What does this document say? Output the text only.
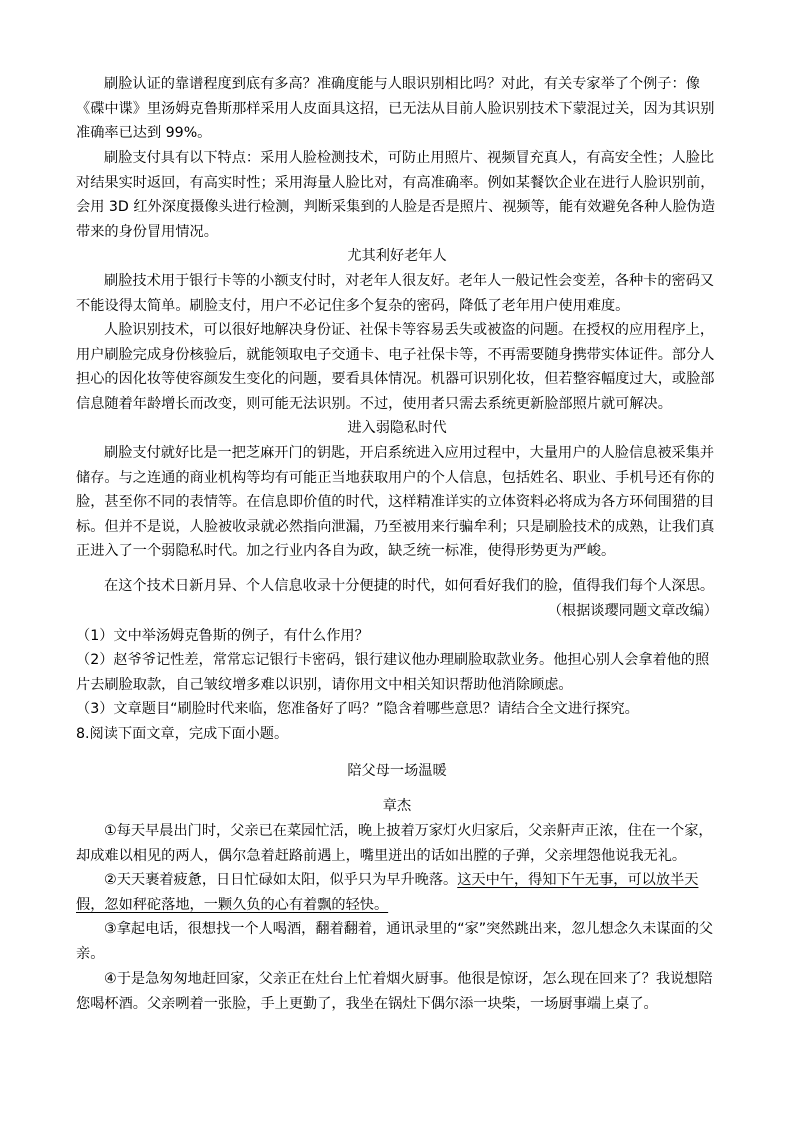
刷脸认证的靠谱程度到底有多高？准确度能与人眼识别相比吗？对此，有关专家举了个例子：像《碟中谍》里汤姆克鲁斯那样采用人皮面具这招，已无法从目前人脸识别技术下蒙混过关，因为其识别准确率已达到 99%。
刷脸支付具有以下特点：采用人脸检测技术，可防止用照片、视频冒充真人，有高安全性；人脸比对结果实时返回，有高实时性；采用海量人脸比对，有高准确率。例如某餐饮企业在进行人脸识别前，会用 3D 红外深度摄像头进行检测，判断采集到的人脸是否是照片、视频等，能有效避免各种人脸伪造带来的身份冒用情况。
尤其利好老年人
刷脸技术用于银行卡等的小额支付时，对老年人很友好。老年人一般记性会变差，各种卡的密码又不能设得太简单。刷脸支付，用户不必记住多个复杂的密码，降低了老年用户使用难度。
人脸识别技术，可以很好地解决身份证、社保卡等容易丢失或被盗的问题。在授权的应用程序上，用户刷脸完成身份核验后，就能领取电子交通卡、电子社保卡等，不再需要随身携带实体证件。部分人担心的因化妆等使容颜发生变化的问题，要看具体情况。机器可识别化妆，但若整容幅度过大，或脸部信息随着年龄增长而改变，则可能无法识别。不过，使用者只需去系统更新脸部照片就可解决。
进入弱隐私时代
刷脸支付就好比是一把芝麻开门的钥匙，开启系统进入应用过程中，大量用户的人脸信息被采集并储存。与之连通的商业机构等均有可能正当地获取用户的个人信息，包括姓名、职业、手机号还有你的脸，甚至你不同的表情等。在信息即价值的时代，这样精准详实的立体资料必将成为各方环伺围猎的目标。但并不是说，人脸被收录就必然指向泄漏，乃至被用来行骗牟利；只是刷脸技术的成熟，让我们真正进入了一个弱隐私时代。加之行业内各自为政，缺乏统一标准，使得形势更为严峻。
在这个技术日新月异、个人信息收录十分便捷的时代，如何看好我们的脸，值得我们每个人深思。
（根据谈璎同题文章改编）
（1）文中举汤姆克鲁斯的例子，有什么作用？
（2）赵爷爷记性差，常常忘记银行卡密码，银行建议他办理刷脸取款业务。他担心别人会拿着他的照片去刷脸取款，自己皱纹增多难以识别，请你用文中相关知识帮助他消除顾虑。
（3）文章题目“刷脸时代来临，您准备好了吗？”隐含着哪些意思？请结合全文进行探究。
8.阅读下面文章，完成下面小题。
陪父母一场温暖
章杰
①每天早晨出门时，父亲已在菜园忙活，晚上披着万家灯火归家后，父亲鼾声正浓，住在一个家，却成难以相见的两人，偶尔急着赶路前遇上，嘴里迸出的话如出膛的子弹，父亲埋怨他说我无礼。
②天天裹着疲惫，日日忙碌如太阳，似乎只为早升晚落。这天中午，得知下午无事，可以放半天假，忽如秤砣落地，一颗久负的心有着飘的轻快。
③拿起电话，很想找一个人喝酒，翻着翻着，通讯录里的“家”突然跳出来，忽儿想念久未谋面的父亲。
④于是急匆匆地赶回家，父亲正在灶台上忙着烟火厨事。他很是惊讶，怎么现在回来了？我说想陪您喝杯酒。父亲咧着一张脸，手上更勤了，我坐在锅灶下偶尔添一块柴，一场厨事端上桌了。
